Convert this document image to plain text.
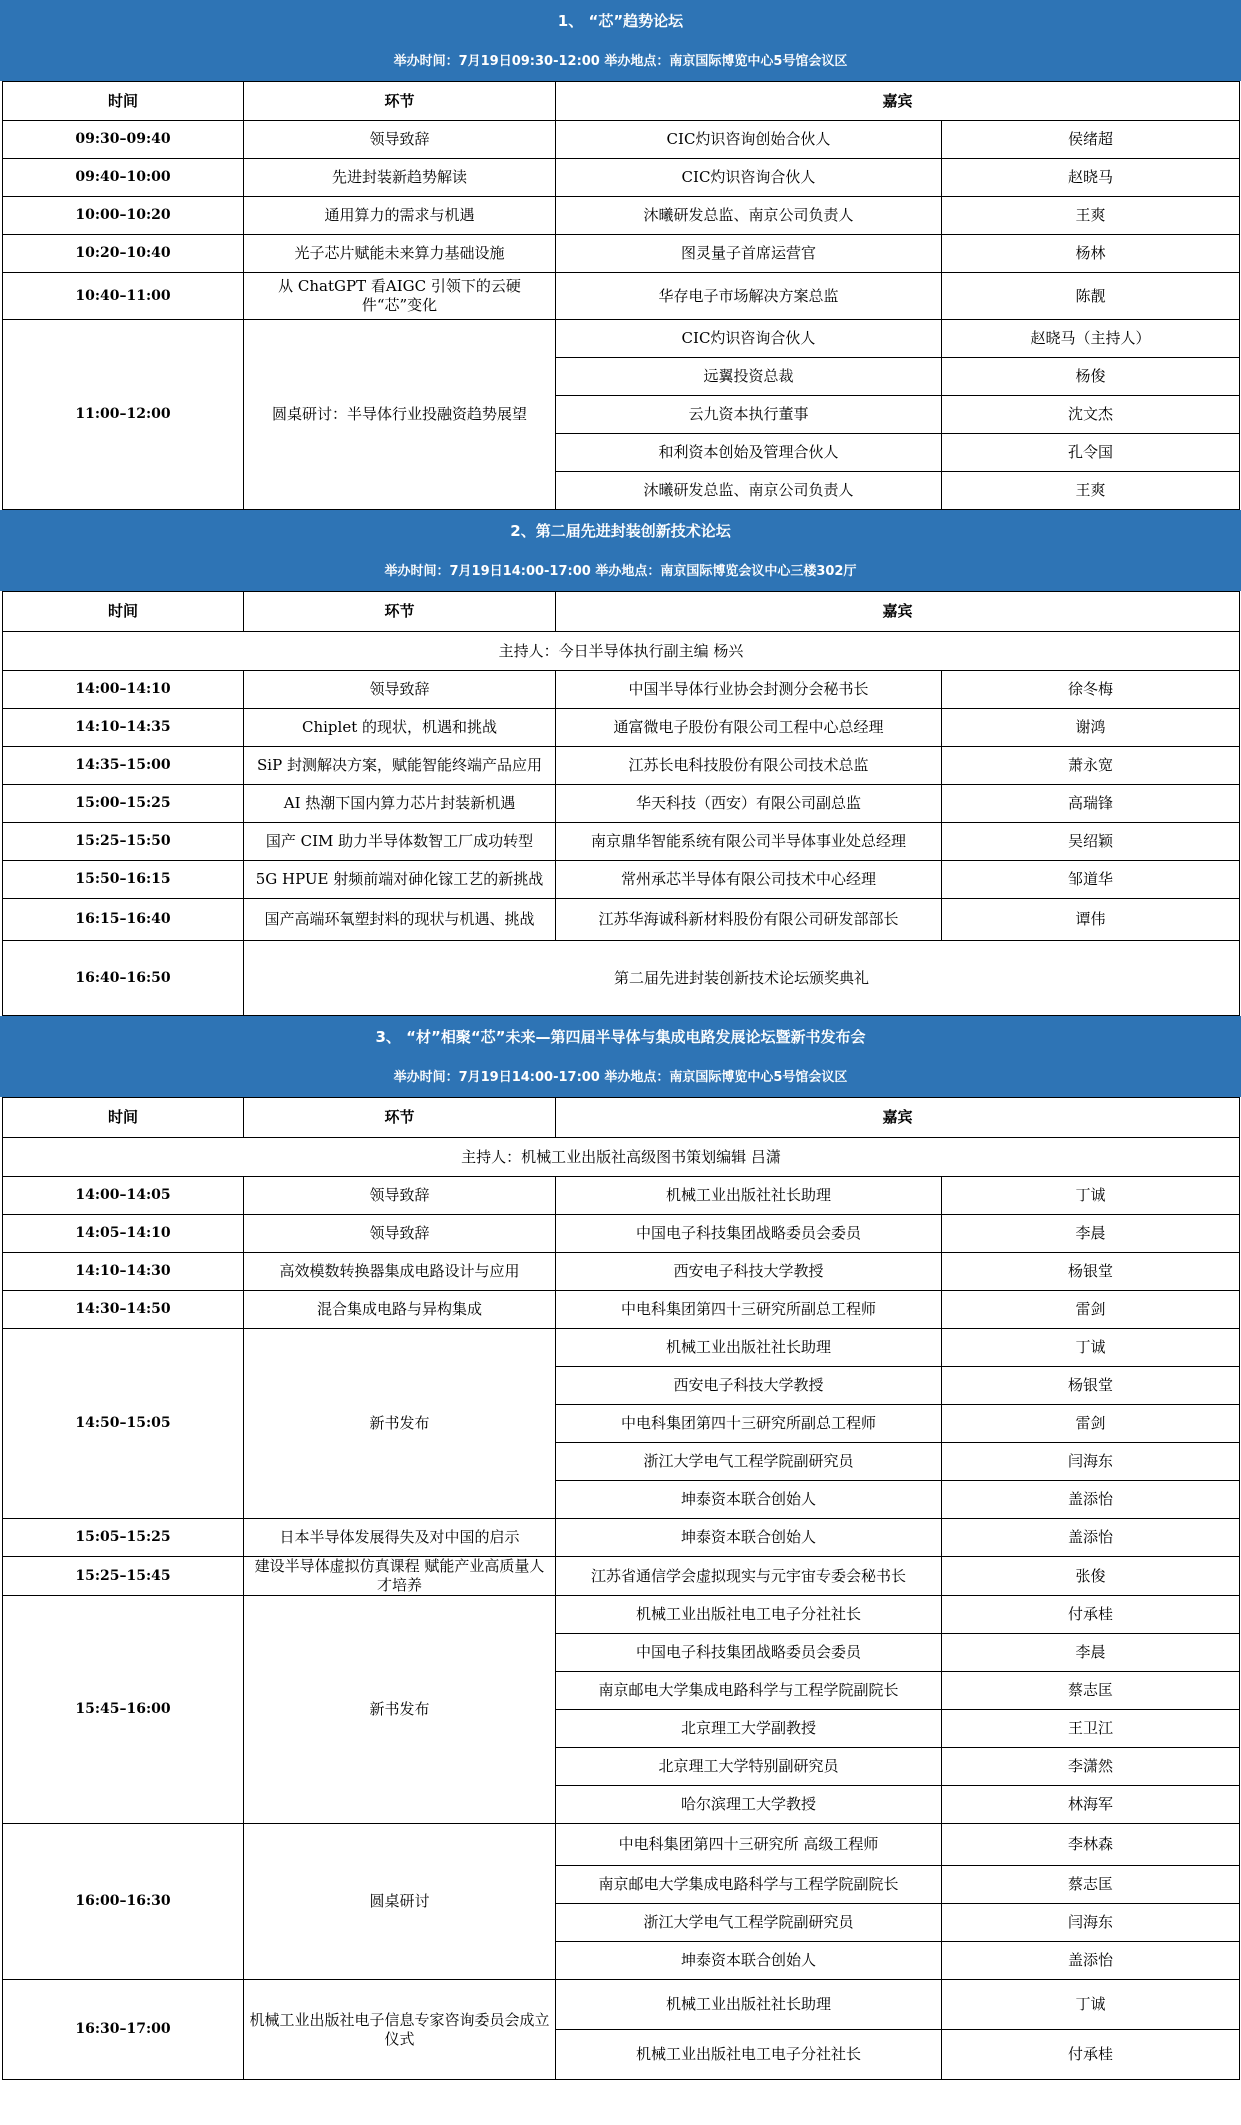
1、 “芯”趋势论坛
举办时间：7月19日09:30-12:00 举办地点：南京国际博览中心5号馆会议区
时间	环节	嘉宾	
09:30–09:40	领导致辞	CIC灼识咨询创始合伙人	侯绪超
09:40–10:00	先进封装新趋势解读	CIC灼识咨询合伙人	赵晓马
10:00–10:20	通用算力的需求与机遇	沐曦研发总监、南京公司负责人	王爽
10:20–10:40	光子芯片赋能未来算力基础设施	图灵量子首席运营官	杨林
10:40–11:00	从 ChatGPT 看AIGC 引领下的云硬件“芯”变化	华存电子市场解决方案总监	陈靓
11:00–12:00	圆桌研讨：半导体行业投融资趋势展望	CIC灼识咨询合伙人	赵晓马（主持人）
		远翼投资总裁	杨俊
		云九资本执行董事	沈文杰
		和利资本创始及管理合伙人	孔令国
		沐曦研发总监、南京公司负责人	王爽
2、第二届先进封装创新技术论坛
举办时间：7月19日14:00-17:00 举办地点：南京国际博览会议中心三楼302厅
时间	环节	嘉宾	
主持人：今日半导体执行副主编 杨兴			
14:00–14:10	领导致辞	中国半导体行业协会封测分会秘书长	徐冬梅
14:10–14:35	Chiplet 的现状，机遇和挑战	通富微电子股份有限公司工程中心总经理	谢鸿
14:35–15:00	SiP 封测解决方案，赋能智能终端产品应用	江苏长电科技股份有限公司技术总监	萧永宽
15:00–15:25	AI 热潮下国内算力芯片封装新机遇	华天科技（西安）有限公司副总监	高瑞锋
15:25–15:50	国产 CIM 助力半导体数智工厂成功转型	南京鼎华智能系统有限公司半导体事业处总经理	吴绍颖
15:50–16:15	5G HPUE 射频前端对砷化镓工艺的新挑战	常州承芯半导体有限公司技术中心经理	邹道华
16:15–16:40	国产高端环氧塑封料的现状与机遇、挑战	江苏华海诚科新材料股份有限公司研发部部长	谭伟
16:40–16:50	第二届先进封装创新技术论坛颁奖典礼		
3、 “材”相聚“芯”未来—第四届半导体与集成电路发展论坛暨新书发布会
举办时间：7月19日14:00-17:00 举办地点：南京国际博览中心5号馆会议区
时间	环节	嘉宾	
主持人：机械工业出版社高级图书策划编辑 吕潇			
14:00–14:05	领导致辞	机械工业出版社社长助理	丁诚
14:05–14:10	领导致辞	中国电子科技集团战略委员会委员	李晨
14:10–14:30	高效模数转换器集成电路设计与应用	西安电子科技大学教授	杨银堂
14:30–14:50	混合集成电路与异构集成	中电科集团第四十三研究所副总工程师	雷剑
14:50–15:05	新书发布	机械工业出版社社长助理	丁诚
		西安电子科技大学教授	杨银堂
		中电科集团第四十三研究所副总工程师	雷剑
		浙江大学电气工程学院副研究员	闫海东
		坤泰资本联合创始人	盖添怡
15:05–15:25	日本半导体发展得失及对中国的启示	坤泰资本联合创始人	盖添怡
15:25–15:45	建设半导体虚拟仿真课程 赋能产业高质量人才培养	江苏省通信学会虚拟现实与元宇宙专委会秘书长	张俊
15:45–16:00	新书发布	机械工业出版社电工电子分社社长	付承桂
		中国电子科技集团战略委员会委员	李晨
		南京邮电大学集成电路科学与工程学院副院长	蔡志匡
		北京理工大学副教授	王卫江
		北京理工大学特别副研究员	李潇然
		哈尔滨理工大学教授	林海军
16:00–16:30	圆桌研讨	中电科集团第四十三研究所 高级工程师	李林森
		南京邮电大学集成电路科学与工程学院副院长	蔡志匡
		浙江大学电气工程学院副研究员	闫海东
		坤泰资本联合创始人	盖添怡
16:30–17:00	机械工业出版社电子信息专家咨询委员会成立仪式	机械工业出版社社长助理	丁诚
		机械工业出版社电工电子分社社长	付承桂
